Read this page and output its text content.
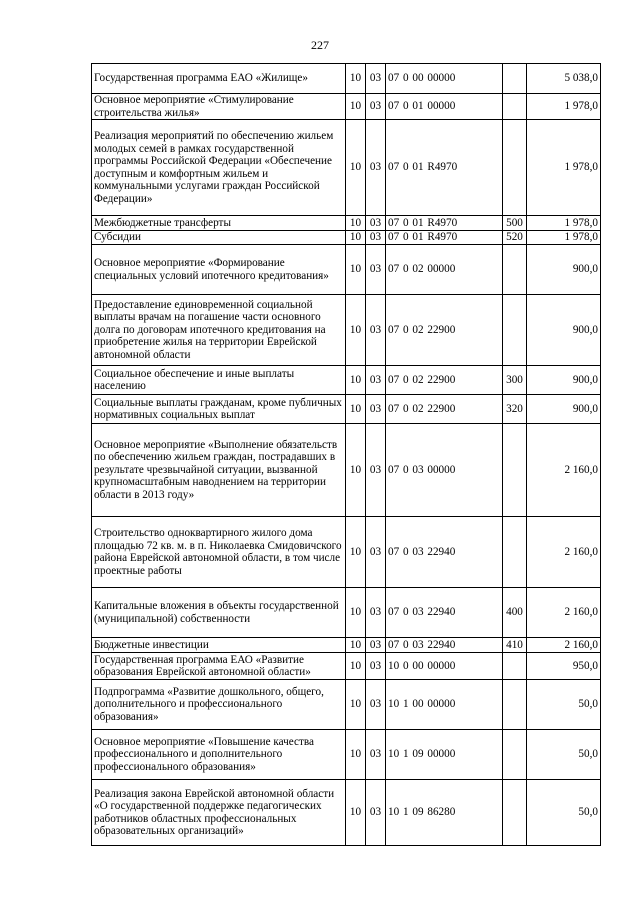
227
Государственная программа ЕАО «Жилище»	10	03	07 0 00 00000		5 038,0
Основное мероприятие «Стимулирование строительства жилья»	10	03	07 0 01 00000		1 978,0
Реализация мероприятий по обеспечению жильем молодых семей в рамках государственной программы Российской Федерации «Обеспечение доступным и комфортным жильем и коммунальными услугами граждан Российской Федерации»	10	03	07 0 01 R4970		1 978,0
Межбюджетные трансферты	10	03	07 0 01 R4970	500	1 978,0
Субсидии	10	03	07 0 01 R4970	520	1 978,0
Основное мероприятие «Формирование специальных условий ипотечного кредитования»	10	03	07 0 02 00000		900,0
Предоставление единовременной социальной выплаты врачам на погашение части основного долга по договорам ипотечного кредитования на приобретение жилья на территории Еврейской автономной области	10	03	07 0 02 22900		900,0
Социальное обеспечение и иные выплаты населению	10	03	07 0 02 22900	300	900,0
Социальные выплаты гражданам, кроме публичных нормативных социальных выплат	10	03	07 0 02 22900	320	900,0
Основное мероприятие «Выполнение обязательств по обеспечению жильем граждан, пострадавших в результате чрезвычайной ситуации, вызванной крупномасштабным наводнением на территории области в 2013 году»	10	03	07 0 03 00000		2 160,0
Строительство одноквартирного жилого дома площадью 72 кв. м. в п. Николаевка Смидовичского района Еврейской автономной области, в том числе проектные работы	10	03	07 0 03 22940		2 160,0
Капитальные вложения в объекты государственной (муниципальной) собственности	10	03	07 0 03 22940	400	2 160,0
Бюджетные инвестиции	10	03	07 0 03 22940	410	2 160,0
Государственная программа ЕАО «Развитие образования Еврейской автономной области»	10	03	10 0 00 00000		950,0
Подпрограмма «Развитие дошкольного, общего, дополнительного и профессионального образования»	10	03	10 1 00 00000		50,0
Основное мероприятие «Повышение качества профессионального и дополнительного профессионального образования»	10	03	10 1 09 00000		50,0
Реализация закона Еврейской автономной области «О государственной поддержке педагогических работников областных профессиональных образовательных организаций»	10	03	10 1 09 86280		50,0
